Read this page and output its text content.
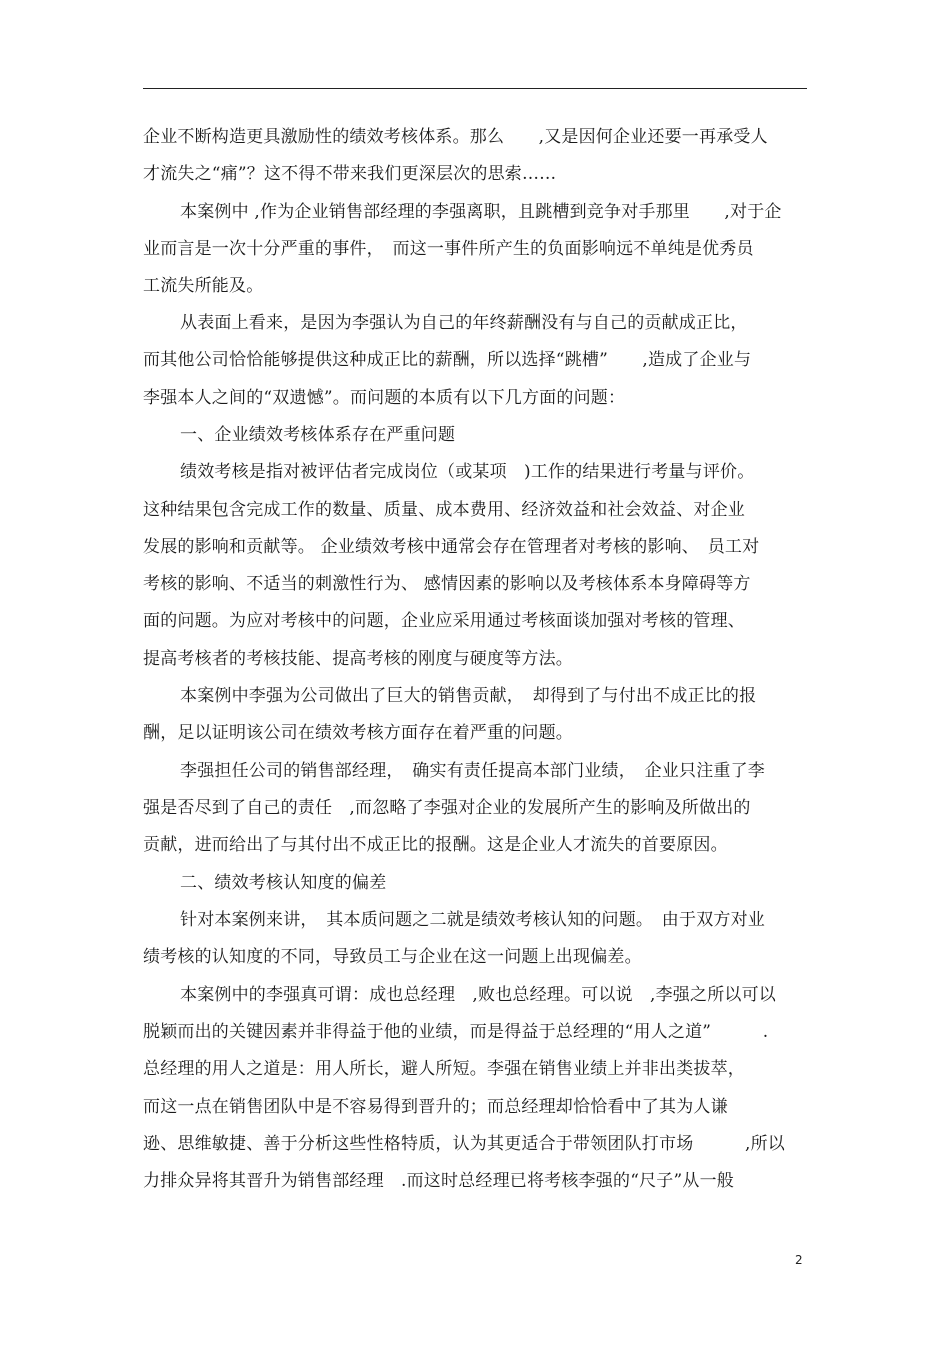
企业不断构造更具激励性的绩效考核体系。那么　　,又是因何企业还要一再承受人
才流失之“痛”？这不得不带来我们更深层次的思索……
本案例中 ,作为企业销售部经理的李强离职，且跳槽到竞争对手那里　　,对于企
业而言是一次十分严重的事件，　而这一事件所产生的负面影响远不单纯是优秀员
工流失所能及。
从表面上看来，是因为李强认为自己的年终薪酬没有与自己的贡献成正比，
而其他公司恰恰能够提供这种成正比的薪酬，所以选择“跳槽”　　,造成了企业与
李强本人之间的“双遗憾”。而问题的本质有以下几方面的问题：
一、企业绩效考核体系存在严重问题
绩效考核是指对被评估者完成岗位（或某项　)工作的结果进行考量与评价。
这种结果包含完成工作的数量、质量、成本费用、经济效益和社会效益、对企业
发展的影响和贡献等。 企业绩效考核中通常会存在管理者对考核的影响、　员工对
考核的影响、不适当的刺激性行为、 感情因素的影响以及考核体系本身障碍等方
面的问题。为应对考核中的问题，企业应采用通过考核面谈加强对考核的管理、
提高考核者的考核技能、提高考核的刚度与硬度等方法。
本案例中李强为公司做出了巨大的销售贡献，　却得到了与付出不成正比的报
酬，足以证明该公司在绩效考核方面存在着严重的问题。
李强担任公司的销售部经理，　确实有责任提高本部门业绩，　企业只注重了李
强是否尽到了自己的责任　,而忽略了李强对企业的发展所产生的影响及所做出的
贡献，进而给出了与其付出不成正比的报酬。这是企业人才流失的首要原因。
二、绩效考核认知度的偏差
针对本案例来讲，　其本质问题之二就是绩效考核认知的问题。　由于双方对业
绩考核的认知度的不同，导致员工与企业在这一问题上出现偏差。
本案例中的李强真可谓：成也总经理　,败也总经理。可以说　,李强之所以可以
脱颖而出的关键因素并非得益于他的业绩，而是得益于总经理的“用人之道”　　　.
总经理的用人之道是：用人所长，避人所短。李强在销售业绩上并非出类拔萃，
而这一点在销售团队中是不容易得到晋升的；而总经理却恰恰看中了其为人谦
逊、思维敏捷、善于分析这些性格特质，认为其更适合于带领团队打市场　　　,所以
力排众异将其晋升为销售部经理　.而这时总经理已将考核李强的“尺子”从一般
2
